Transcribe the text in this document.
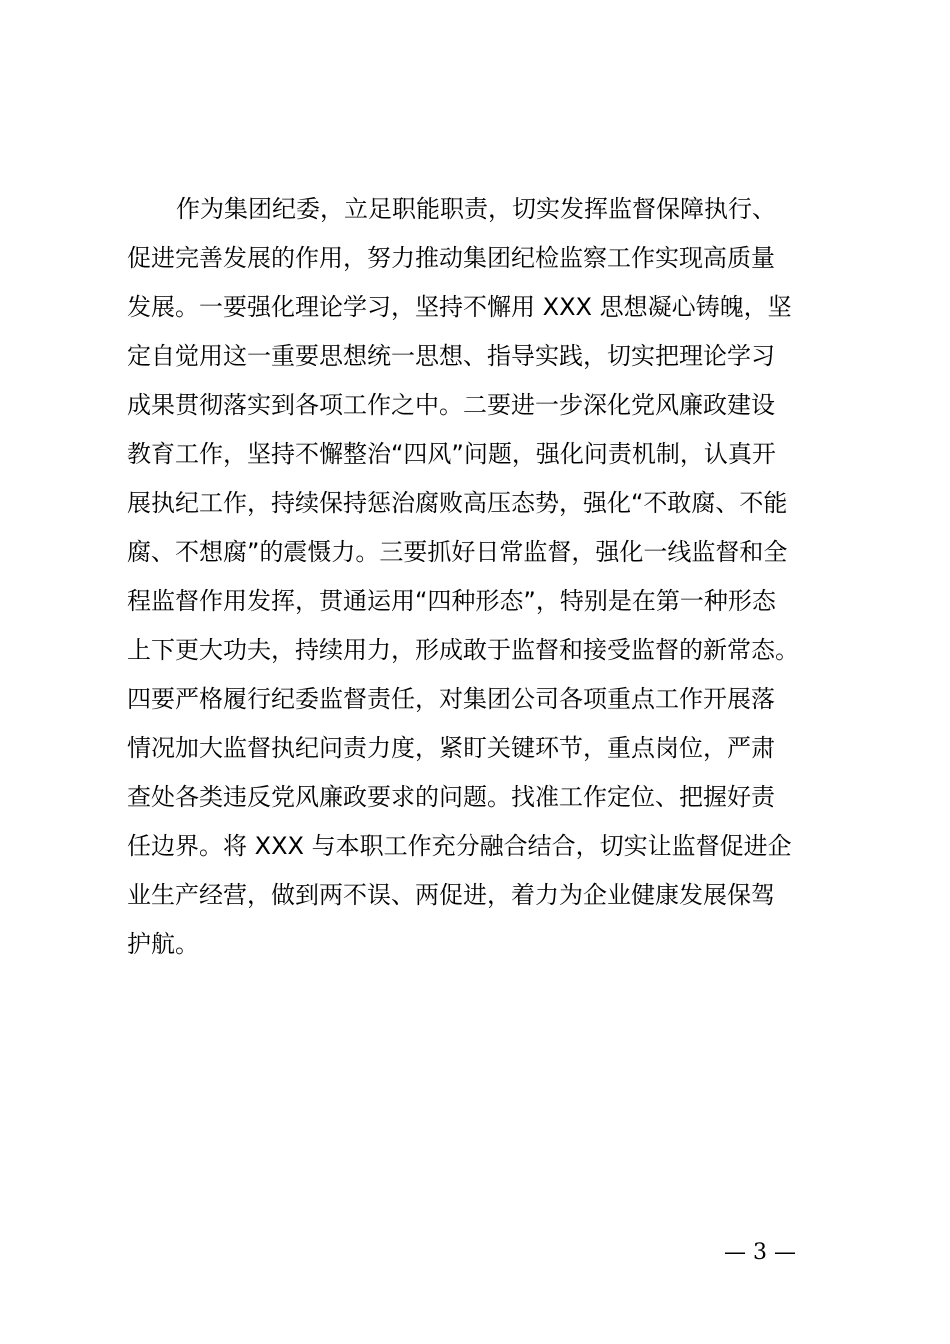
作为集团纪委，立足职能职责，切实发挥监督保障执行、
促进完善发展的作用，努力推动集团纪检监察工作实现高质量
发展。一要强化理论学习，坚持不懈用 XXX 思想凝心铸魄，坚
定自觉用这一重要思想统一思想、指导实践，切实把理论学习
成果贯彻落实到各项工作之中。二要进一步深化党风廉政建设
教育工作，坚持不懈整治“四风”问题，强化问责机制，认真开
展执纪工作，持续保持惩治腐败高压态势，强化“不敢腐、不能
腐、不想腐”的震慑力。三要抓好日常监督，强化一线监督和全
程监督作用发挥，贯通运用“四种形态”，特别是在第一种形态
上下更大功夫，持续用力，形成敢于监督和接受监督的新常态。
四要严格履行纪委监督责任，对集团公司各项重点工作开展落
情况加大监督执纪问责力度，紧盯关键环节，重点岗位，严肃
查处各类违反党风廉政要求的问题。找准工作定位、把握好责
任边界。将 XXX 与本职工作充分融合结合，切实让监督促进企
业生产经营，做到两不误、两促进，着力为企业健康发展保驾
护航。
— 3 —
